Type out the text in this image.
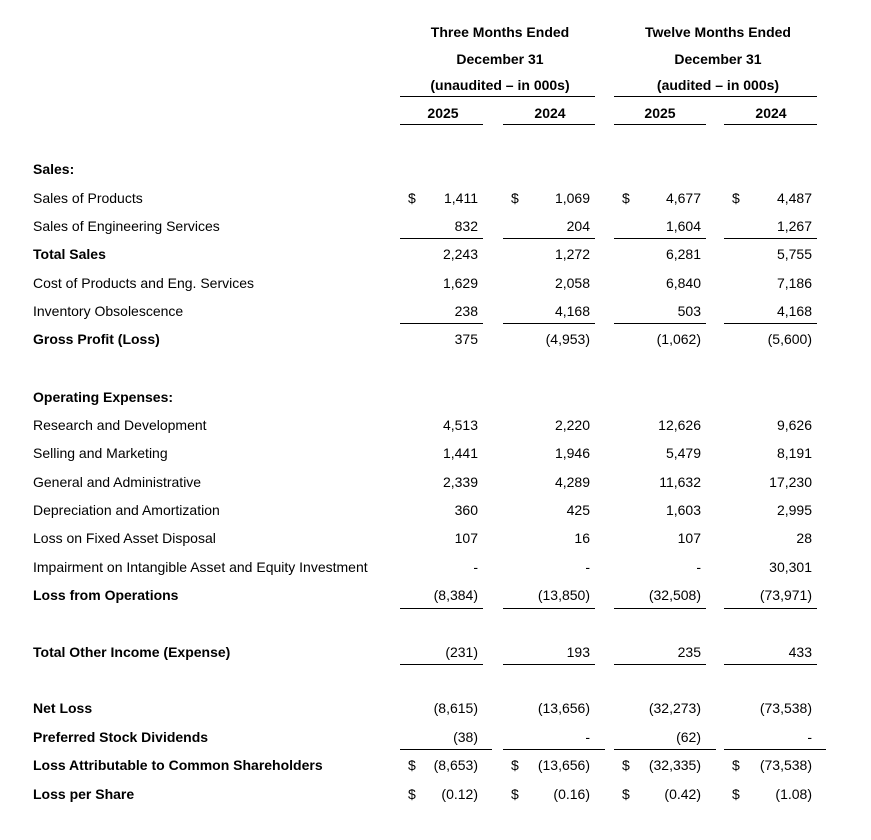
Three Months Ended
December 31
(unaudited – in 000s)
2025	2024
Twelve Months Ended
December 31
(audited – in 000s)
2025	2024
Sales:
Sales of Products	$	1,411 $	1,069 $	4,677 $	4,487
Sales of Engineering Services	832	204	1,604	1,267
Total Sales	2,243	1,272	6,281	5,755
Cost of Products and Eng. Services	1,629	2,058	6,840	7,186
Inventory Obsolescence	238	4,168	503	4,168
Gross Profit (Loss)	375	(4,953)	(1,062)	(5,600)
Operating Expenses:
Research and Development	4,513	2,220	12,626	9,626
Selling and Marketing	1,441	1,946	5,479	8,191
General and Administrative	2,339	4,289	11,632	17,230
Depreciation and Amortization	360	425	1,603	2,995
Loss on Fixed Asset Disposal	107	16	107	28
Impairment on Intangible Asset and Equity Investment	-	-	-	30,301
Loss from Operations	(8,384)	(13,850)	(32,508)	(73,971)
Total Other Income (Expense)	(231)	193	235	433
Net Loss	(8,615)	(13,656)	(32,273)	(73,538)
Preferred Stock Dividends	(38)	-	(62)	-
Loss Attributable to Common Shareholders	$	(8,653) $	(13,656) $	(32,335) $	(73,538)
Loss per Share	$	(0.12) $	(0.16) $	(0.42) $	(1.08)
